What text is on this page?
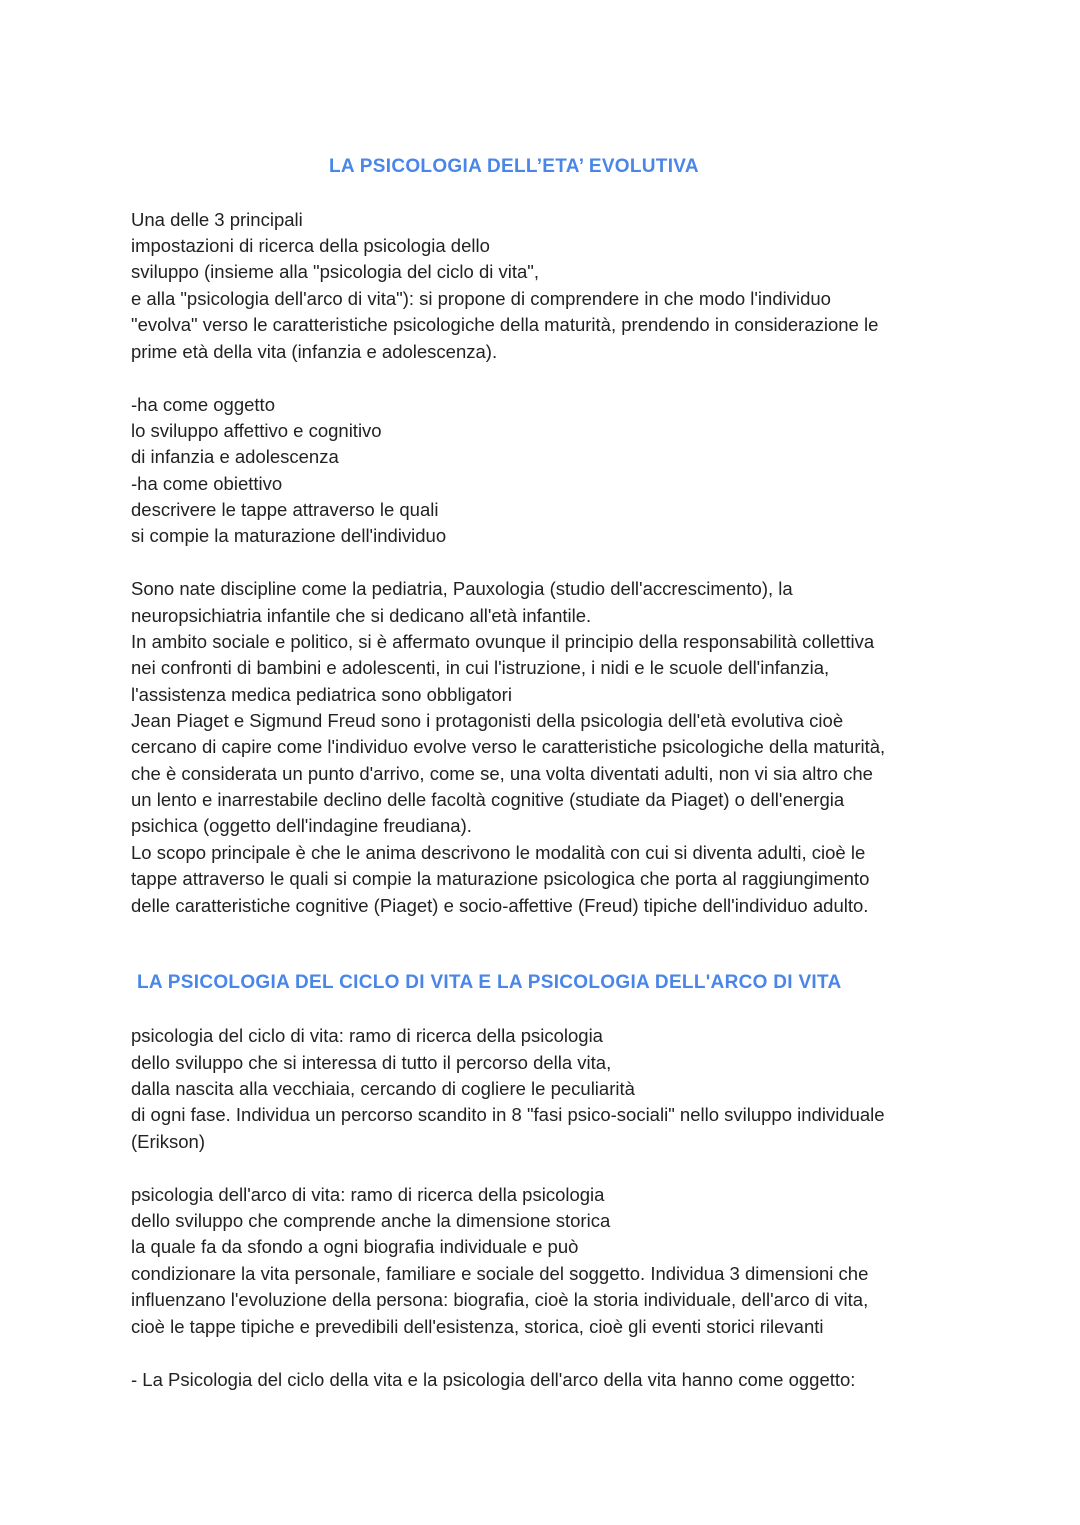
LA PSICOLOGIA DELL’ETA’ EVOLUTIVA
Una delle 3 principali
impostazioni di ricerca della psicologia dello
sviluppo (insieme alla "psicologia del ciclo di vita",
e alla "psicologia dell'arco di vita"): si propone di comprendere in che modo l'individuo
"evolva" verso le caratteristiche psicologiche della maturità, prendendo in considerazione le
prime età della vita (infanzia e adolescenza).
-ha come oggetto
lo sviluppo affettivo e cognitivo
di infanzia e adolescenza
-ha come obiettivo
descrivere le tappe attraverso le quali
si compie la maturazione dell'individuo
Sono nate discipline come la pediatria, Pauxologia (studio dell'accrescimento), la
neuropsichiatria infantile che si dedicano all'età infantile.
In ambito sociale e politico, si è affermato ovunque il principio della responsabilità collettiva
nei confronti di bambini e adolescenti, in cui l'istruzione, i nidi e le scuole dell'infanzia,
l'assistenza medica pediatrica sono obbligatori
Jean Piaget e Sigmund Freud sono i protagonisti della psicologia dell'età evolutiva cioè
cercano di capire come l'individuo evolve verso le caratteristiche psicologiche della maturità,
che è considerata un punto d'arrivo, come se, una volta diventati adulti, non vi sia altro che
un lento e inarrestabile declino delle facoltà cognitive (studiate da Piaget) o dell'energia
psichica (oggetto dell'indagine freudiana).
Lo scopo principale è che le anima descrivono le modalità con cui si diventa adulti, cioè le
tappe attraverso le quali si compie la maturazione psicologica che porta al raggiungimento
delle caratteristiche cognitive (Piaget) e socio-affettive (Freud) tipiche dell'individuo adulto.
LA PSICOLOGIA DEL CICLO DI VITA E LA PSICOLOGIA DELL'ARCO DI VITA
psicologia del ciclo di vita: ramo di ricerca della psicologia
dello sviluppo che si interessa di tutto il percorso della vita,
dalla nascita alla vecchiaia, cercando di cogliere le peculiarità
di ogni fase. Individua un percorso scandito in 8 "fasi psico-sociali" nello sviluppo individuale
(Erikson)
psicologia dell'arco di vita: ramo di ricerca della psicologia
dello sviluppo che comprende anche la dimensione storica
la quale fa da sfondo a ogni biografia individuale e può
condizionare la vita personale, familiare e sociale del soggetto. Individua 3 dimensioni che
influenzano l'evoluzione della persona: biografia, cioè la storia individuale, dell'arco di vita,
cioè le tappe tipiche e prevedibili dell'esistenza, storica, cioè gli eventi storici rilevanti
- La Psicologia del ciclo della vita e la psicologia dell'arco della vita hanno come oggetto:
